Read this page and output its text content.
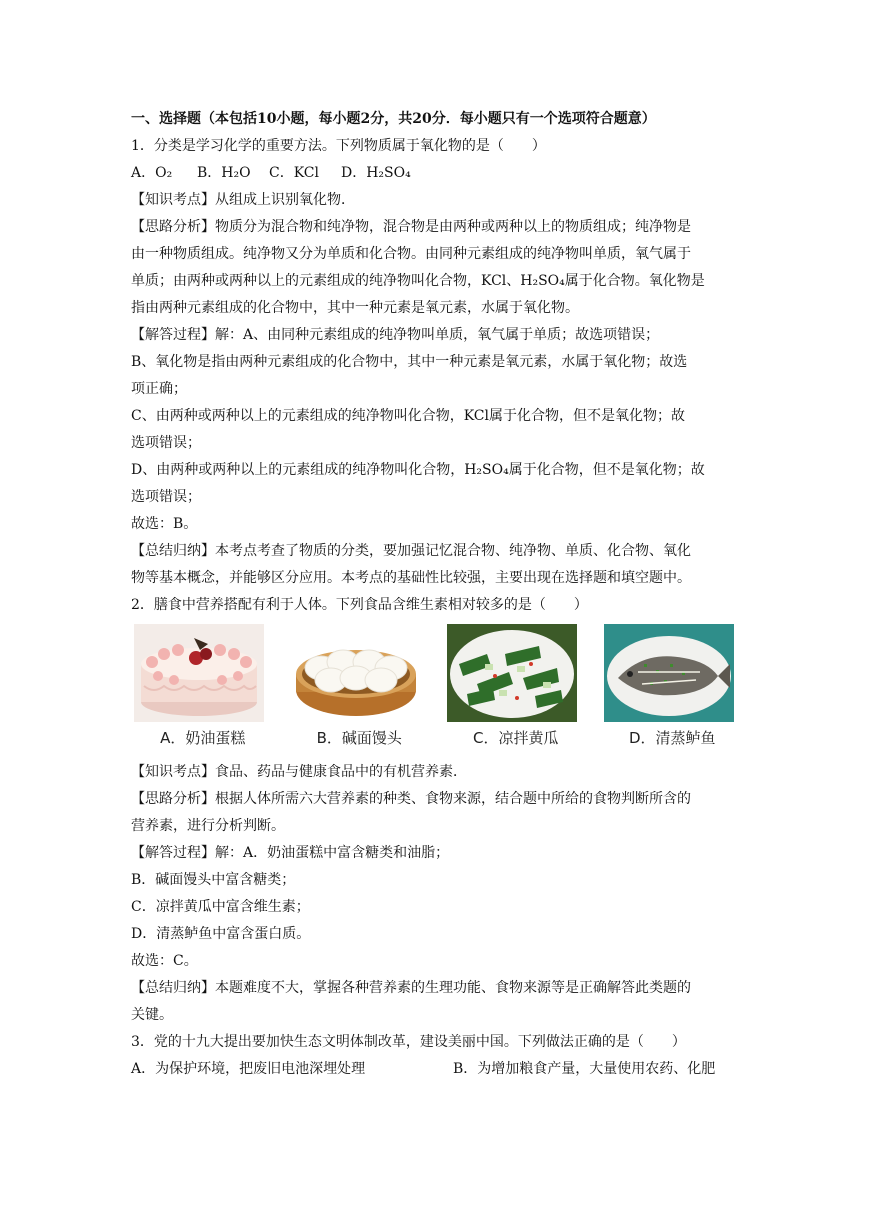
一、选择题（本包括10小题，每小题2分，共20分．每小题只有一个选项符合题意）
1．分类是学习化学的重要方法。下列物质属于氧化物的是（　　）
A．O₂ B．H₂O C．KCl D．H₂SO₄
【知识考点】从组成上识别氧化物．
【思路分析】物质分为混合物和纯净物，混合物是由两种或两种以上的物质组成；纯净物是
由一种物质组成。纯净物又分为单质和化合物。由同种元素组成的纯净物叫单质，氧气属于
单质；由两种或两种以上的元素组成的纯净物叫化合物，KCl、H₂SO₄属于化合物。氧化物是
指由两种元素组成的化合物中，其中一种元素是氧元素，水属于氧化物。
【解答过程】解：A、由同种元素组成的纯净物叫单质，氧气属于单质；故选项错误；
B、氧化物是指由两种元素组成的化合物中，其中一种元素是氧元素，水属于氧化物；故选
项正确；
C、由两种或两种以上的元素组成的纯净物叫化合物，KCl属于化合物，但不是氧化物；故
选项错误；
D、由两种或两种以上的元素组成的纯净物叫化合物，H₂SO₄属于化合物，但不是氧化物；故
选项错误；
故选：B。
【总结归纳】本考点考查了物质的分类，要加强记忆混合物、纯净物、单质、化合物、氧化
物等基本概念，并能够区分应用。本考点的基础性比较强，主要出现在选择题和填空题中。
2．膳食中营养搭配有利于人体。下列食品含维生素相对较多的是（　　）
A．奶油蛋糕	B．碱面馒头	C．凉拌黄瓜	D．清蒸鲈鱼
【知识考点】食品、药品与健康食品中的有机营养素．
【思路分析】根据人体所需六大营养素的种类、食物来源，结合题中所给的食物判断所含的
营养素，进行分析判断。
【解答过程】解：A．奶油蛋糕中富含糖类和油脂；
B．碱面馒头中富含糖类；
C．凉拌黄瓜中富含维生素；
D．清蒸鲈鱼中富含蛋白质。
故选：C。
【总结归纳】本题难度不大，掌握各种营养素的生理功能、食物来源等是正确解答此类题的
关键。
3．党的十九大提出要加快生态文明体制改革，建设美丽中国。下列做法正确的是（　　）
A．为保护环境，把废旧电池深埋处理	B．为增加粮食产量，大量使用农药、化肥
